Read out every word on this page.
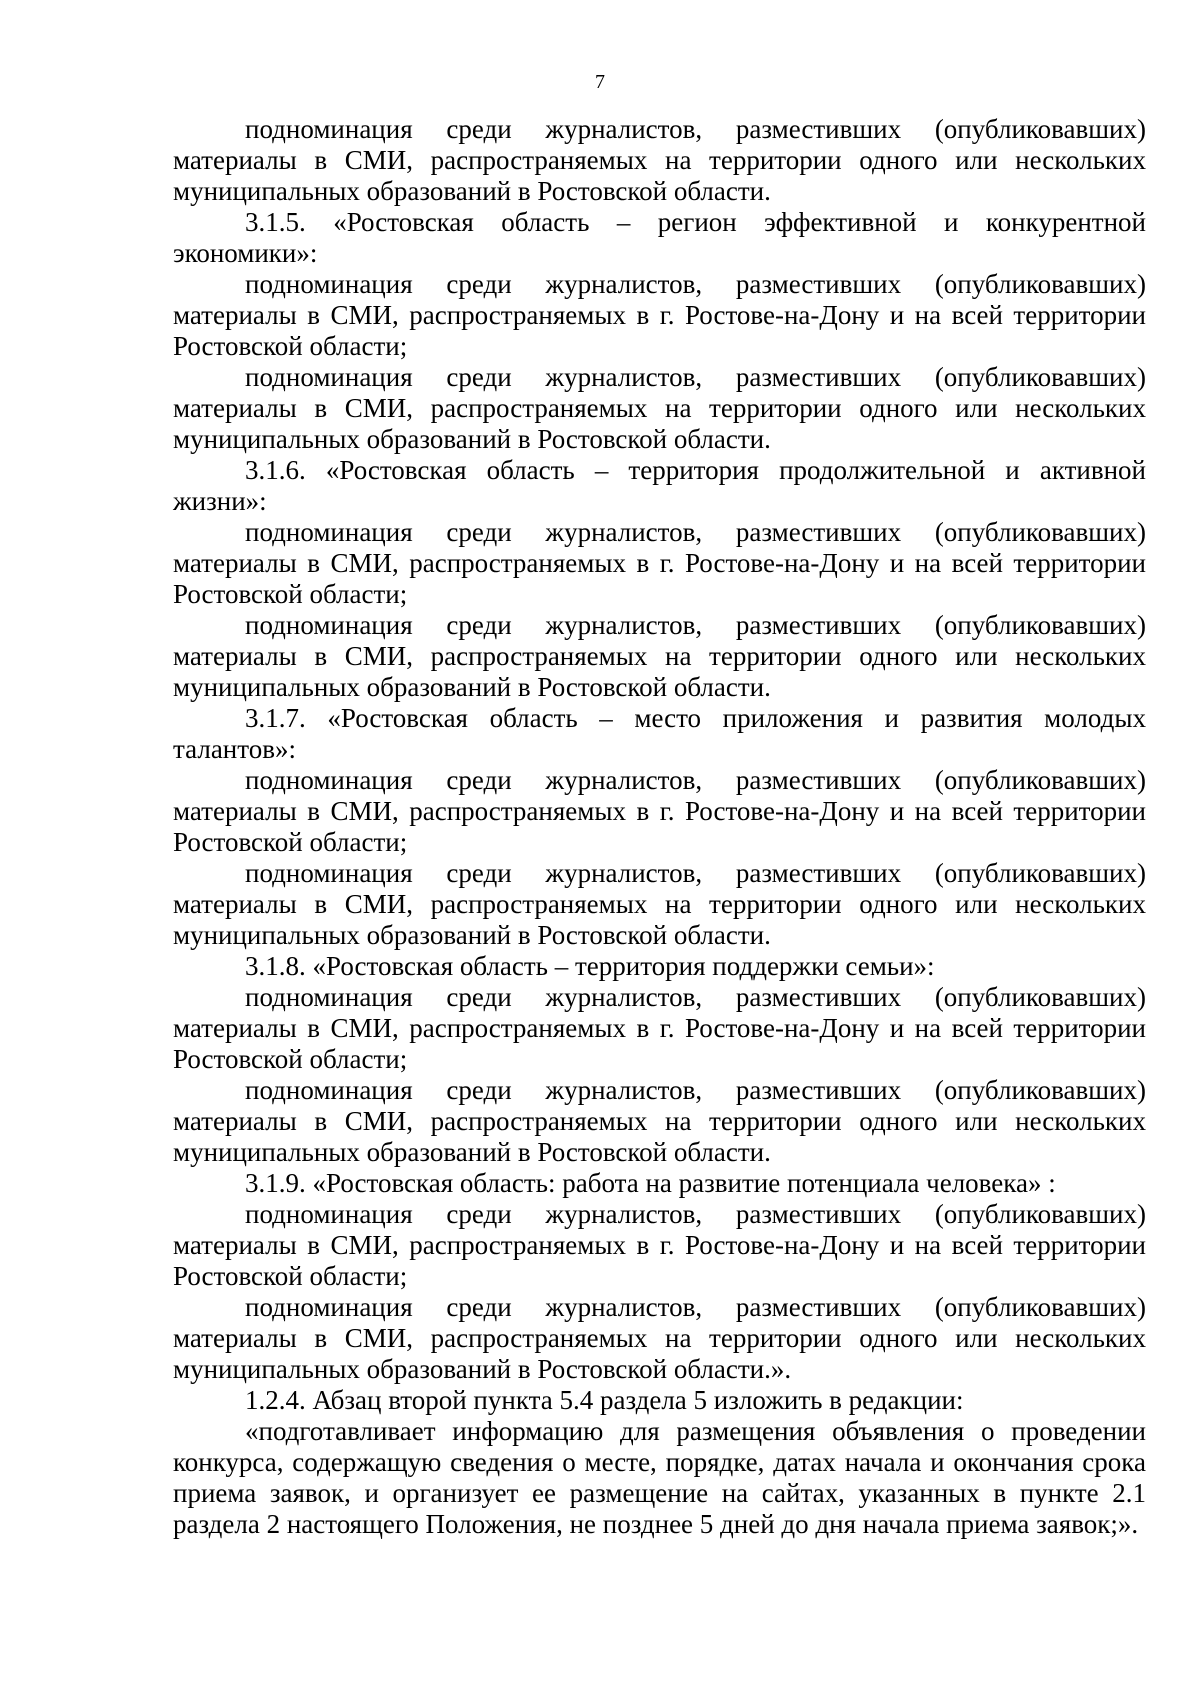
7

подноминация среди журналистов, разместивших (опубликовавших) материалы в СМИ, распространяемых на территории одного или нескольких муниципальных образований в Ростовской области.

3.1.5. «Ростовская область – регион эффективной и конкурентной экономики»:

подноминация среди журналистов, разместивших (опубликовавших) материалы в СМИ, распространяемых в г. Ростове-на-Дону и на всей территории Ростовской области;

подноминация среди журналистов, разместивших (опубликовавших) материалы в СМИ, распространяемых на территории одного или нескольких муниципальных образований в Ростовской области.

3.1.6. «Ростовская область – территория продолжительной и активной жизни»:

подноминация среди журналистов, разместивших (опубликовавших) материалы в СМИ, распространяемых в г. Ростове-на-Дону и на всей территории Ростовской области;

подноминация среди журналистов, разместивших (опубликовавших) материалы в СМИ, распространяемых на территории одного или нескольких муниципальных образований в Ростовской области.

3.1.7. «Ростовская область – место приложения и развития молодых талантов»:

подноминация среди журналистов, разместивших (опубликовавших) материалы в СМИ, распространяемых в г. Ростове-на-Дону и на всей территории Ростовской области;

подноминация среди журналистов, разместивших (опубликовавших) материалы в СМИ, распространяемых на территории одного или нескольких муниципальных образований в Ростовской области.

3.1.8. «Ростовская область – территория поддержки семьи»:

подноминация среди журналистов, разместивших (опубликовавших) материалы в СМИ, распространяемых в г. Ростове-на-Дону и на всей территории Ростовской области;

подноминация среди журналистов, разместивших (опубликовавших) материалы в СМИ, распространяемых на территории одного или нескольких муниципальных образований в Ростовской области.

3.1.9. «Ростовская область: работа на развитие потенциала человека» :

подноминация среди журналистов, разместивших (опубликовавших) материалы в СМИ, распространяемых в г. Ростове-на-Дону и на всей территории Ростовской области;

подноминация среди журналистов, разместивших (опубликовавших) материалы в СМИ, распространяемых на территории одного или нескольких муниципальных образований в Ростовской области.».

1.2.4. Абзац второй пункта 5.4 раздела 5 изложить в редакции:

«подготавливает информацию для размещения объявления о проведении конкурса, содержащую сведения о месте, порядке, датах начала и окончания срока приема заявок, и организует ее размещение на сайтах, указанных в пункте 2.1 раздела 2 настоящего Положения, не позднее 5 дней до дня начала приема заявок;».
